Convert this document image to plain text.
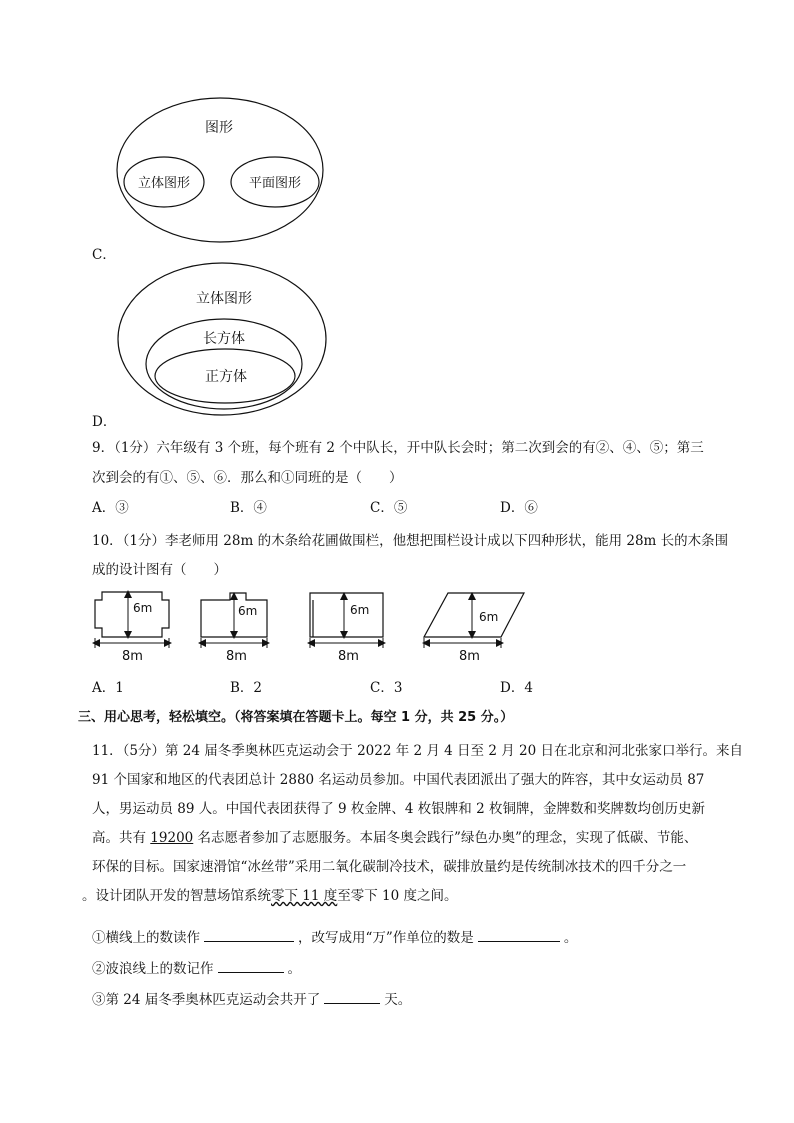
图形
立体图形	平面图形
C．
立体图形
长方体
正方体
D．
9．（1分）六年级有 3 个班，每个班有 2 个中队长，开中队长会时；第二次到会的有②、④、⑤；第三
次到会的有①、⑤、⑥．那么和①同班的是（　　）
A．③	B．④	C．⑤	D．⑥
10．（1分）李老师用 28m 的木条给花圃做围栏，他想把围栏设计成以下四种形状，能用 28m 长的木条围
成的设计图有（　　）
6m
8m
6m
8m
6m
8m
6m
8m
A．1	B．2	C．3	D．4
三、用心思考，轻松填空。（将答案填在答题卡上。每空 1 分，共 25 分。）
11．（5分）第 24 届冬季奥林匹克运动会于 2022 年 2 月 4 日至 2 月 20 日在北京和河北张家口举行。来自
91 个国家和地区的代表团总计 2880 名运动员参加。中国代表团派出了强大的阵容，其中女运动员 87
人，男运动员 89 人。中国代表团获得了 9 枚金牌、4 枚银牌和 2 枚铜牌，金牌数和奖牌数均创历史新
高。共有 19200 名志愿者参加了志愿服务。本届冬奥会践行”绿色办奥”的理念，实现了低碳、节能、
环保的目标。国家速滑馆“冰丝带”采用二氧化碳制冷技术，碳排放量约是传统制冰技术的四千分之一
。设计团队开发的智慧场馆系统零下 11 度至零下 10 度之间。
①横线上的数读作	，改写成用“万”作单位的数是	。
②波浪线上的数记作	。
③第 24 届冬季奥林匹克运动会共开了	天。
